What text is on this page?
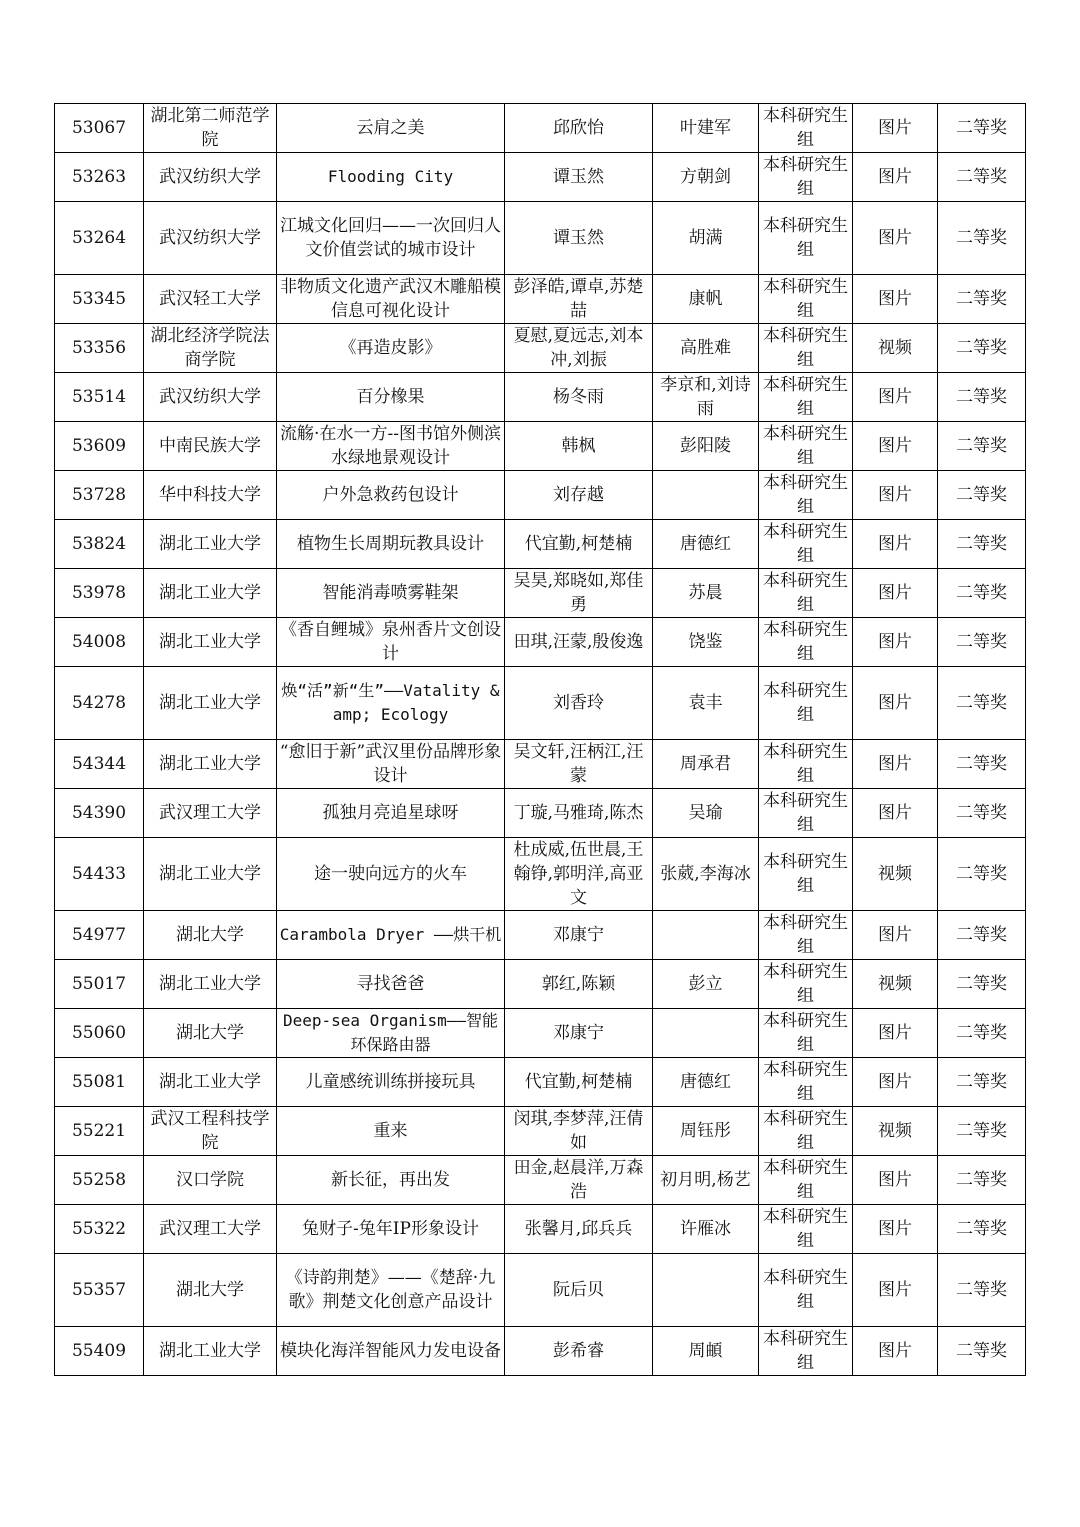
53067	湖北第二师范学院	云肩之美	邱欣怡	叶建军	本科研究生组	图片	二等奖
53263	武汉纺织大学	Flooding City	谭玉然	方朝剑	本科研究生组	图片	二等奖
53264	武汉纺织大学	江城文化回归——一次回归人文价值尝试的城市设计	谭玉然	胡满	本科研究生组	图片	二等奖
53345	武汉轻工大学	非物质文化遗产武汉木雕船模信息可视化设计	彭泽皓,谭卓,苏楚喆	康帆	本科研究生组	图片	二等奖
53356	湖北经济学院法商学院	《再造皮影》	夏慰,夏远志,刘本冲,刘振	高胜难	本科研究生组	视频	二等奖
53514	武汉纺织大学	百分橡果	杨冬雨	李京和,刘诗雨	本科研究生组	图片	二等奖
53609	中南民族大学	流觞·在水一方--图书馆外侧滨水绿地景观设计	韩枫	彭阳陵	本科研究生组	图片	二等奖
53728	华中科技大学	户外急救药包设计	刘存越		本科研究生组	图片	二等奖
53824	湖北工业大学	植物生长周期玩教具设计	代宜勤,柯楚楠	唐德红	本科研究生组	图片	二等奖
53978	湖北工业大学	智能消毒喷雾鞋架	吴昊,郑晓如,郑佳勇	苏晨	本科研究生组	图片	二等奖
54008	湖北工业大学	《香自鲤城》泉州香片文创设计	田琪,汪蒙,殷俊逸	饶鉴	本科研究生组	图片	二等奖
54278	湖北工业大学	焕“活”新“生”——Vatality &amp; Ecology	刘香玲	袁丰	本科研究生组	图片	二等奖
54344	湖北工业大学	“愈旧于新”武汉里份品牌形象设计	吴文轩,汪柄江,汪蒙	周承君	本科研究生组	图片	二等奖
54390	武汉理工大学	孤独月亮追星球呀	丁璇,马雅琦,陈杰	吴瑜	本科研究生组	图片	二等奖
54433	湖北工业大学	途一驶向远方的火车	杜成威,伍世晨,王翰铮,郭明洋,高亚文	张葳,李海冰	本科研究生组	视频	二等奖
54977	湖北大学	Carambola Dryer ——烘干机	邓康宁		本科研究生组	图片	二等奖
55017	湖北工业大学	寻找爸爸	郭红,陈颖	彭立	本科研究生组	视频	二等奖
55060	湖北大学	Deep-sea Organism——智能环保路由器	邓康宁		本科研究生组	图片	二等奖
55081	湖北工业大学	儿童感统训练拼接玩具	代宜勤,柯楚楠	唐德红	本科研究生组	图片	二等奖
55221	武汉工程科技学院	重来	闵琪,李梦萍,汪倩如	周钰彤	本科研究生组	视频	二等奖
55258	汉口学院	新长征，再出发	田金,赵晨洋,万森浩	初月明,杨艺	本科研究生组	图片	二等奖
55322	武汉理工大学	兔财子-兔年IP形象设计	张馨月,邱兵兵	许雁冰	本科研究生组	图片	二等奖
55357	湖北大学	《诗韵荆楚》——《楚辞·九歌》荆楚文化创意产品设计	阮后贝		本科研究生组	图片	二等奖
55409	湖北工业大学	模块化海洋智能风力发电设备	彭希睿	周頔	本科研究生组	图片	二等奖
